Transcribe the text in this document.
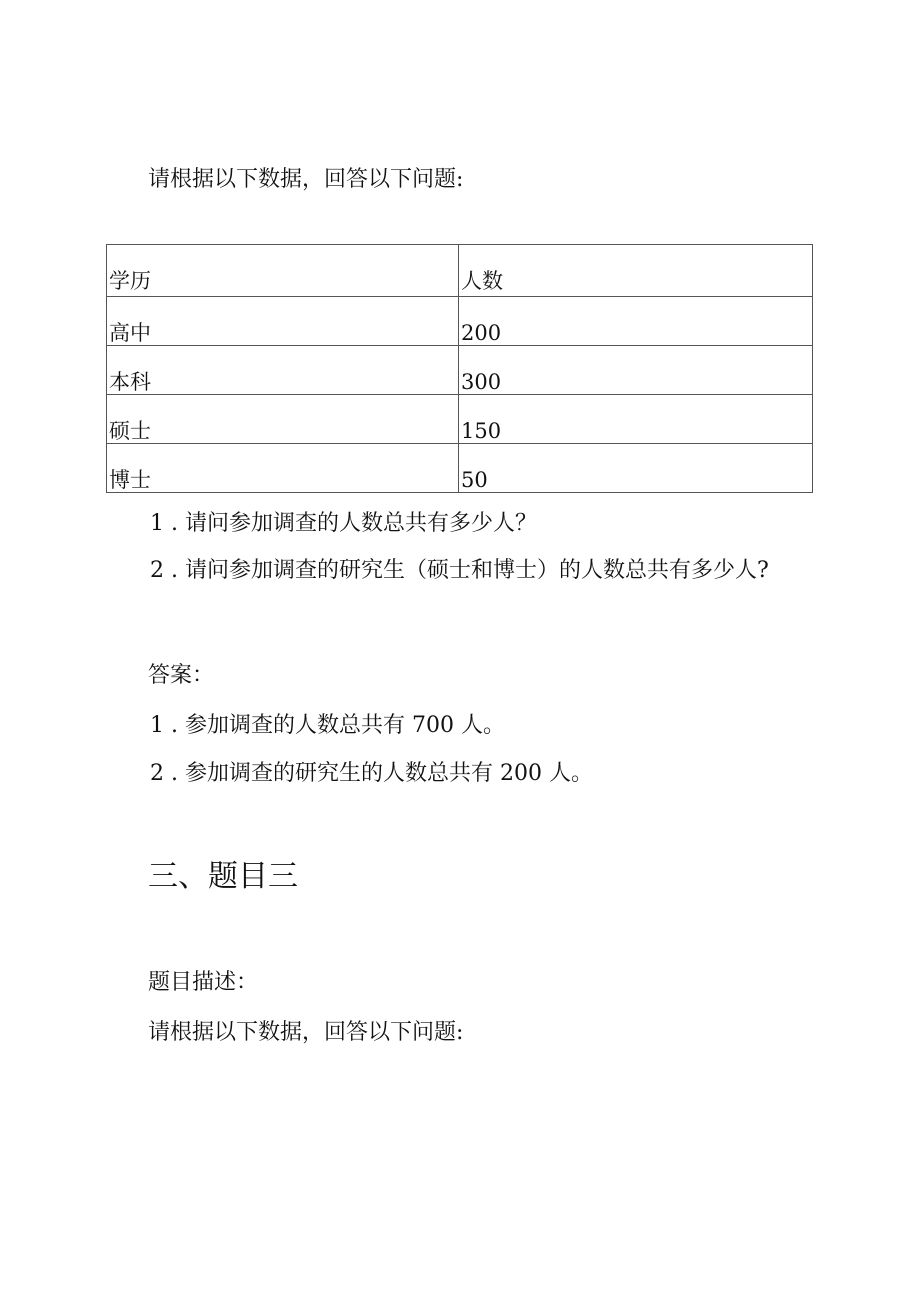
请根据以下数据，回答以下问题:
学历	人数
高中	200
本科	300
硕士	150
博士	50
1 . 请问参加调查的人数总共有多少人？
2 . 请问参加调查的研究生（硕士和博士）的人数总共有多少人?
答案：
1 . 参加调查的人数总共有 700 人。
2 . 参加调查的研究生的人数总共有 200 人。
三、题目三
题目描述：
请根据以下数据，回答以下问题:
